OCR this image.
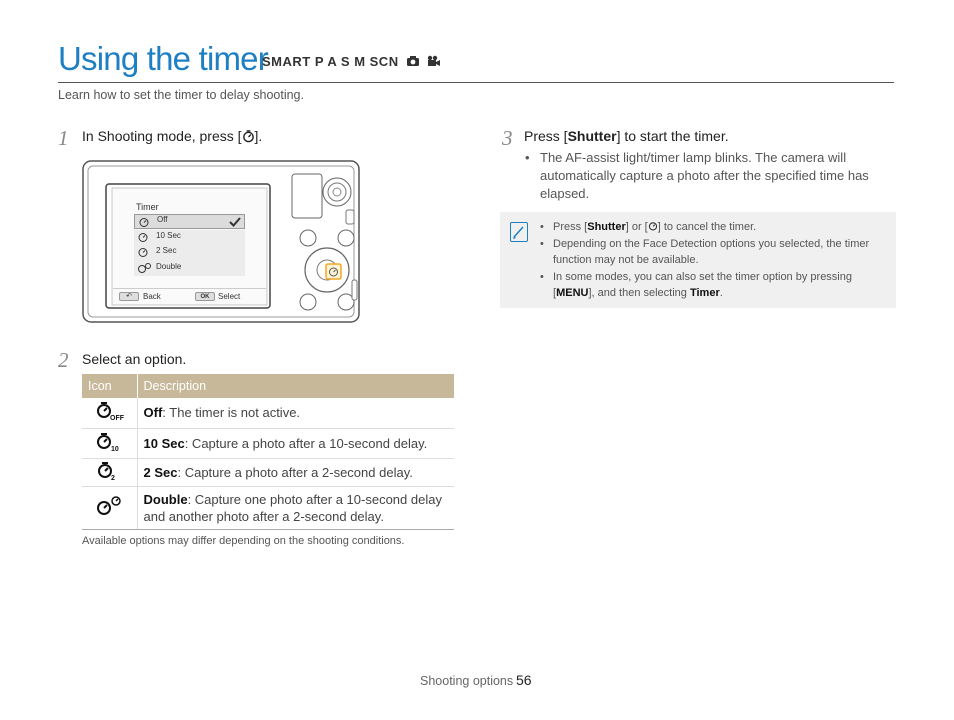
Using the timer
SMART P A S M SCN
Learn how to set the timer to delay shooting.
1 In Shooting mode, press [ ].
Timer
Off
10 Sec
2 Sec
Double
↶	Back	OK	Select
2 Select an option.
Icon	Description

OFF	Off: The timer is not active.

10	10 Sec: Capture a photo after a 10-second delay.

2	2 Sec: Capture a photo after a 2-second delay.
	Double: Capture one photo after a 10-second delay and another photo after a 2-second delay.
Available options may differ depending on the shooting conditions.
3 Press [Shutter] to start the timer.
• The AF-assist light/timer lamp blinks. The camera will automatically capture a photo after the specified time has elapsed.
• Press [Shutter] or [ ] to cancel the timer.
• Depending on the Face Detection options you selected, the timer function may not be available.
• In some modes, you can also set the timer option by pressing [MENU], and then selecting Timer.
Shooting options 56
